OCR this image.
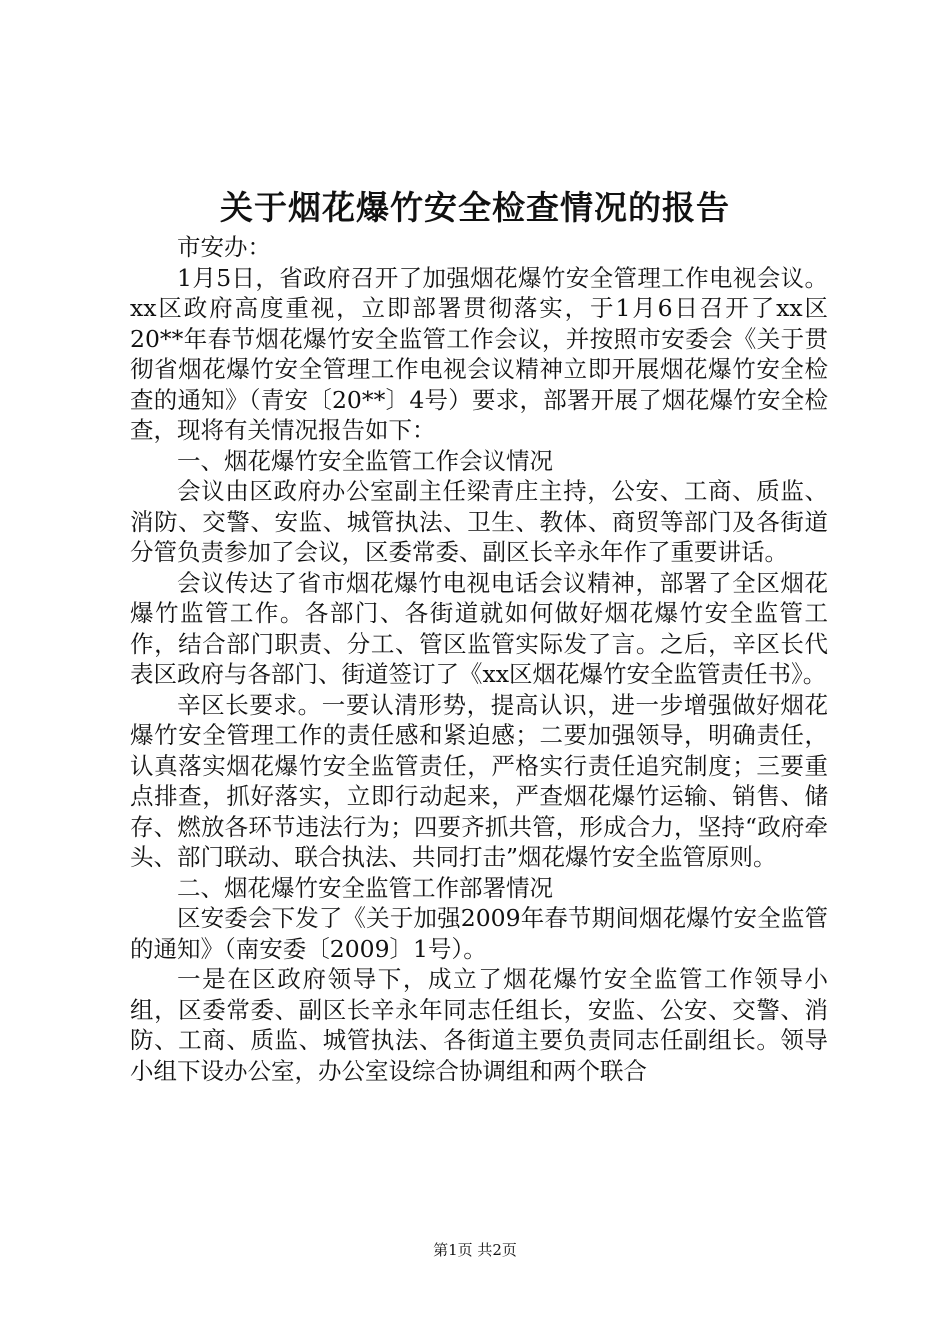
关于烟花爆竹安全检查情况的报告

市安办：

1月5日，省政府召开了加强烟花爆竹安全管理工作电视会议。xx区政府高度重视，立即部署贯彻落实，于1月6日召开了xx区20**年春节烟花爆竹安全监管工作会议，并按照市安委会《关于贯彻省烟花爆竹安全管理工作电视会议精神立即开展烟花爆竹安全检查的通知》（青安〔20**〕4号）要求，部署开展了烟花爆竹安全检查，现将有关情况报告如下：

一、烟花爆竹安全监管工作会议情况

会议由区政府办公室副主任梁青庄主持，公安、工商、质监、消防、交警、安监、城管执法、卫生、教体、商贸等部门及各街道分管负责参加了会议，区委常委、副区长辛永年作了重要讲话。

会议传达了省市烟花爆竹电视电话会议精神，部署了全区烟花爆竹监管工作。各部门、各街道就如何做好烟花爆竹安全监管工作，结合部门职责、分工、管区监管实际发了言。之后，辛区长代表区政府与各部门、街道签订了《xx区烟花爆竹安全监管责任书》。

辛区长要求。一要认清形势，提高认识，进一步增强做好烟花爆竹安全管理工作的责任感和紧迫感；二要加强领导，明确责任，认真落实烟花爆竹安全监管责任，严格实行责任追究制度；三要重点排查，抓好落实，立即行动起来，严查烟花爆竹运输、销售、储存、燃放各环节违法行为；四要齐抓共管，形成合力，坚持“政府牵头、部门联动、联合执法、共同打击”烟花爆竹安全监管原则。

二、烟花爆竹安全监管工作部署情况

区安委会下发了《关于加强2009年春节期间烟花爆竹安全监管的通知》（南安委〔2009〕1号）。

一是在区政府领导下，成立了烟花爆竹安全监管工作领导小组，区委常委、副区长辛永年同志任组长，安监、公安、交警、消防、工商、质监、城管执法、各街道主要负责同志任副组长。领导小组下设办公室，办公室设综合协调组和两个联合

第1页 共2页
